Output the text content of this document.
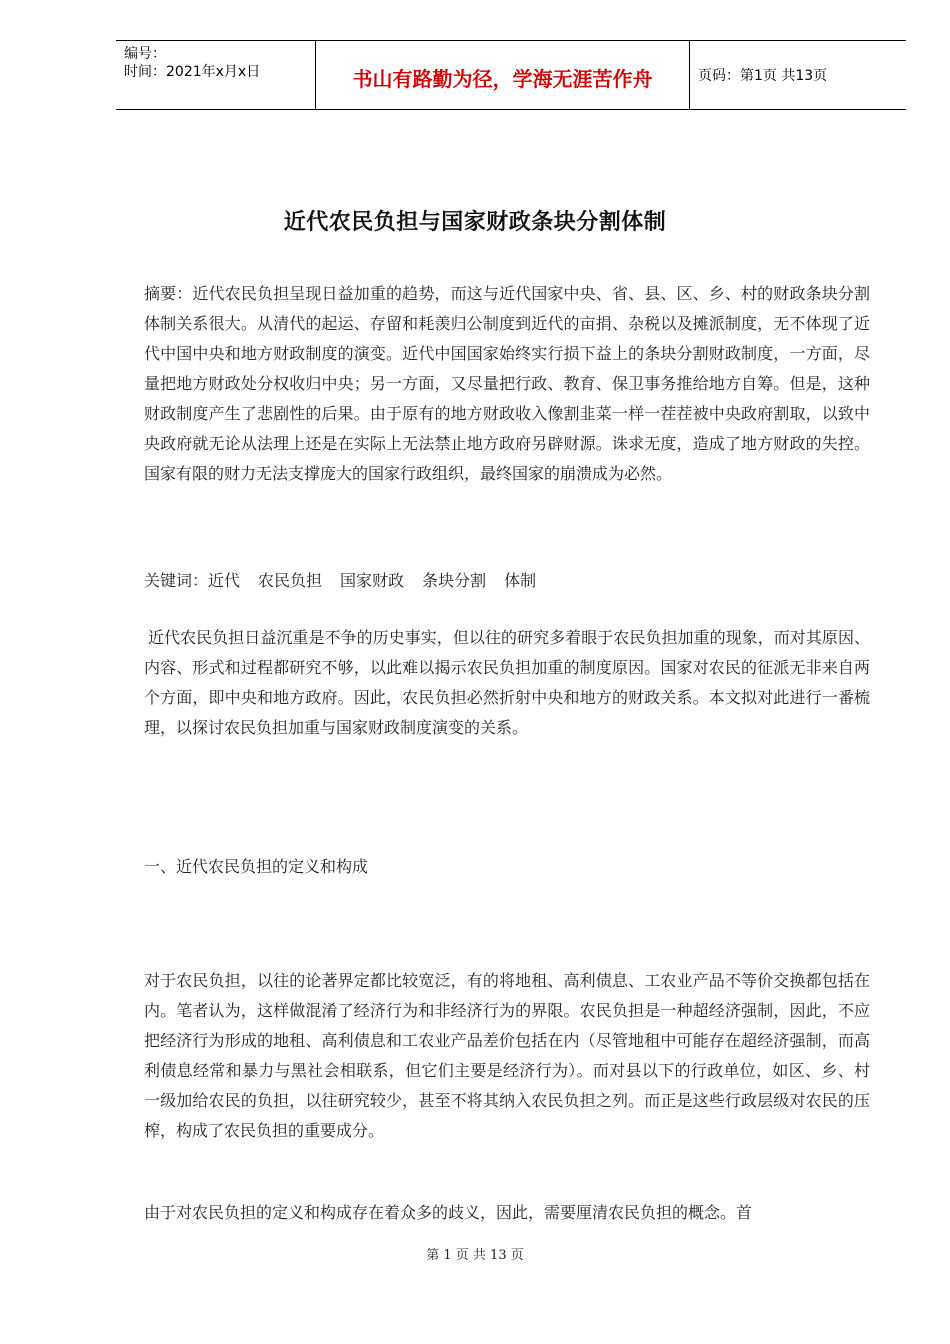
编号：
时间：2021年x月x日	书山有路勤为径，学海无涯苦作舟	页码：第1页 共13页
近代农民负担与国家财政条块分割体制

摘要：近代农民负担呈现日益加重的趋势，而这与近代国家中央、省、县、区、乡、村的财政条块分割体制关系很大。从清代的起运、存留和耗羡归公制度到近代的亩捐、杂税以及摊派制度，无不体现了近代中国中央和地方财政制度的演变。近代中国国家始终实行损下益上的条块分割财政制度，一方面，尽量把地方财政处分权收归中央；另一方面，又尽量把行政、教育、保卫事务推给地方自筹。但是，这种财政制度产生了悲剧性的后果。由于原有的地方财政收入像割韭菜一样一茬茬被中央政府割取，以致中央政府就无论从法理上还是在实际上无法禁止地方政府另辟财源。诛求无度，造成了地方财政的失控。国家有限的财力无法支撑庞大的国家行政组织，最终国家的崩溃成为必然。

关键词：近代 农民负担 国家财政 条块分割 体制

近代农民负担日益沉重是不争的历史事实，但以往的研究多着眼于农民负担加重的现象，而对其原因、内容、形式和过程都研究不够，以此难以揭示农民负担加重的制度原因。国家对农民的征派无非来自两个方面，即中央和地方政府。因此，农民负担必然折射中央和地方的财政关系。本文拟对此进行一番梳理，以探讨农民负担加重与国家财政制度演变的关系。

一、近代农民负担的定义和构成

对于农民负担，以往的论著界定都比较宽泛，有的将地租、高利债息、工农业产品不等价交换都包括在内。笔者认为，这样做混淆了经济行为和非经济行为的界限。农民负担是一种超经济强制，因此，不应把经济行为形成的地租、高利债息和工农业产品差价包括在内（尽管地租中可能存在超经济强制，而高利债息经常和暴力与黑社会相联系，但它们主要是经济行为）。而对县以下的行政单位，如区、乡、村一级加给农民的负担，以往研究较少，甚至不将其纳入农民负担之列。而正是这些行政层级对农民的压榨，构成了农民负担的重要成分。

由于对农民负担的定义和构成存在着众多的歧义，因此，需要厘清农民负担的概念。首

第 1 页 共 13 页
